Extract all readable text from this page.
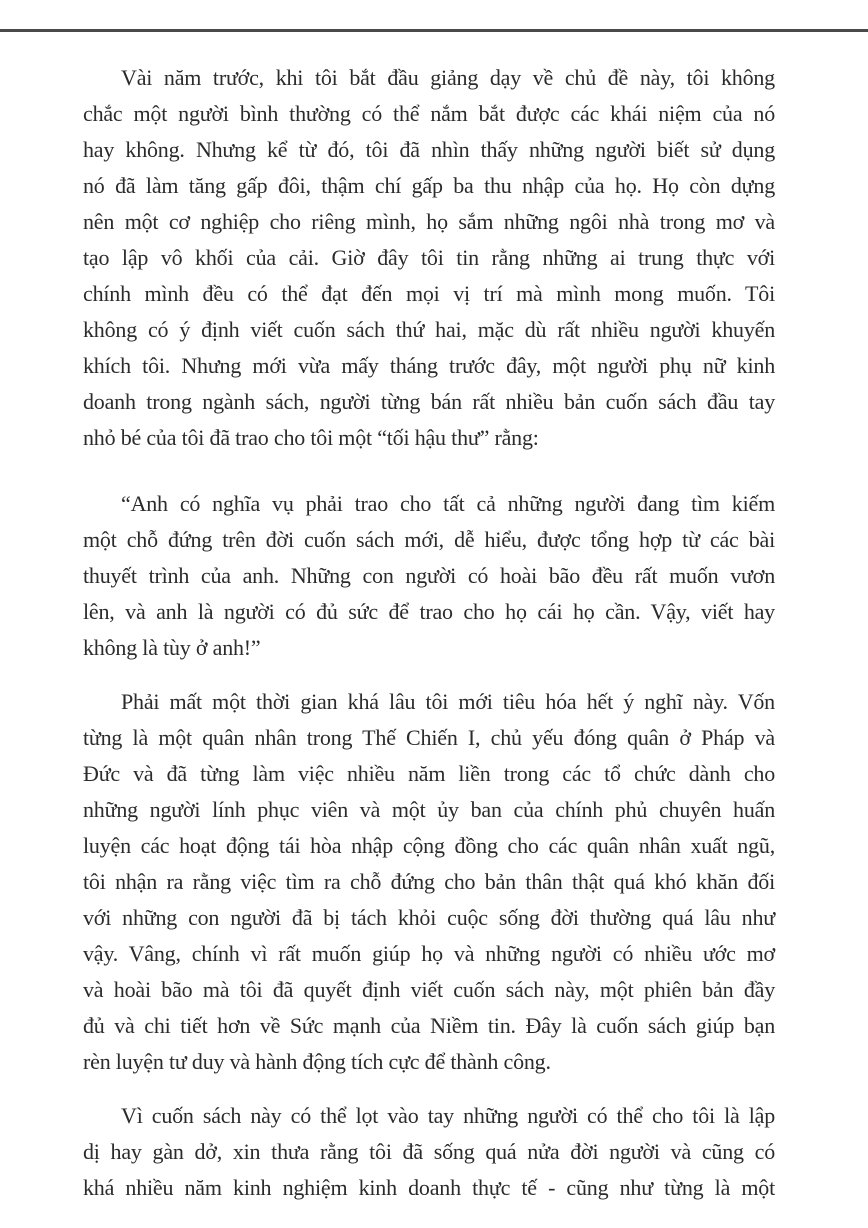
Vài năm trước, khi tôi bắt đầu giảng dạy về chủ đề này, tôi không
chắc một người bình thường có thể nắm bắt được các khái niệm của nó
hay không. Nhưng kể từ đó, tôi đã nhìn thấy những người biết sử dụng
nó đã làm tăng gấp đôi, thậm chí gấp ba thu nhập của họ. Họ còn dựng
nên một cơ nghiệp cho riêng mình, họ sắm những ngôi nhà trong mơ và
tạo lập vô khối của cải. Giờ đây tôi tin rằng những ai trung thực với
chính mình đều có thể đạt đến mọi vị trí mà mình mong muốn. Tôi
không có ý định viết cuốn sách thứ hai, mặc dù rất nhiều người khuyến
khích tôi. Nhưng mới vừa mấy tháng trước đây, một người phụ nữ kinh
doanh trong ngành sách, người từng bán rất nhiều bản cuốn sách đầu tay
nhỏ bé của tôi đã trao cho tôi một “tối hậu thư” rằng:
“Anh có nghĩa vụ phải trao cho tất cả những người đang tìm kiếm
một chỗ đứng trên đời cuốn sách mới, dễ hiểu, được tổng hợp từ các bài
thuyết trình của anh. Những con người có hoài bão đều rất muốn vươn
lên, và anh là người có đủ sức để trao cho họ cái họ cần. Vậy, viết hay
không là tùy ở anh!”
Phải mất một thời gian khá lâu tôi mới tiêu hóa hết ý nghĩ này. Vốn
từng là một quân nhân trong Thế Chiến I, chủ yếu đóng quân ở Pháp và
Đức và đã từng làm việc nhiều năm liền trong các tổ chức dành cho
những người lính phục viên và một ủy ban của chính phủ chuyên huấn
luyện các hoạt động tái hòa nhập cộng đồng cho các quân nhân xuất ngũ,
tôi nhận ra rằng việc tìm ra chỗ đứng cho bản thân thật quá khó khăn đối
với những con người đã bị tách khỏi cuộc sống đời thường quá lâu như
vậy. Vâng, chính vì rất muốn giúp họ và những người có nhiều ước mơ
và hoài bão mà tôi đã quyết định viết cuốn sách này, một phiên bản đầy
đủ và chi tiết hơn về Sức mạnh của Niềm tin. Đây là cuốn sách giúp bạn
rèn luyện tư duy và hành động tích cực để thành công.
Vì cuốn sách này có thể lọt vào tay những người có thể cho tôi là lập
dị hay gàn dở, xin thưa rằng tôi đã sống quá nửa đời người và cũng có
khá nhiều năm kinh nghiệm kinh doanh thực tế - cũng như từng là một
